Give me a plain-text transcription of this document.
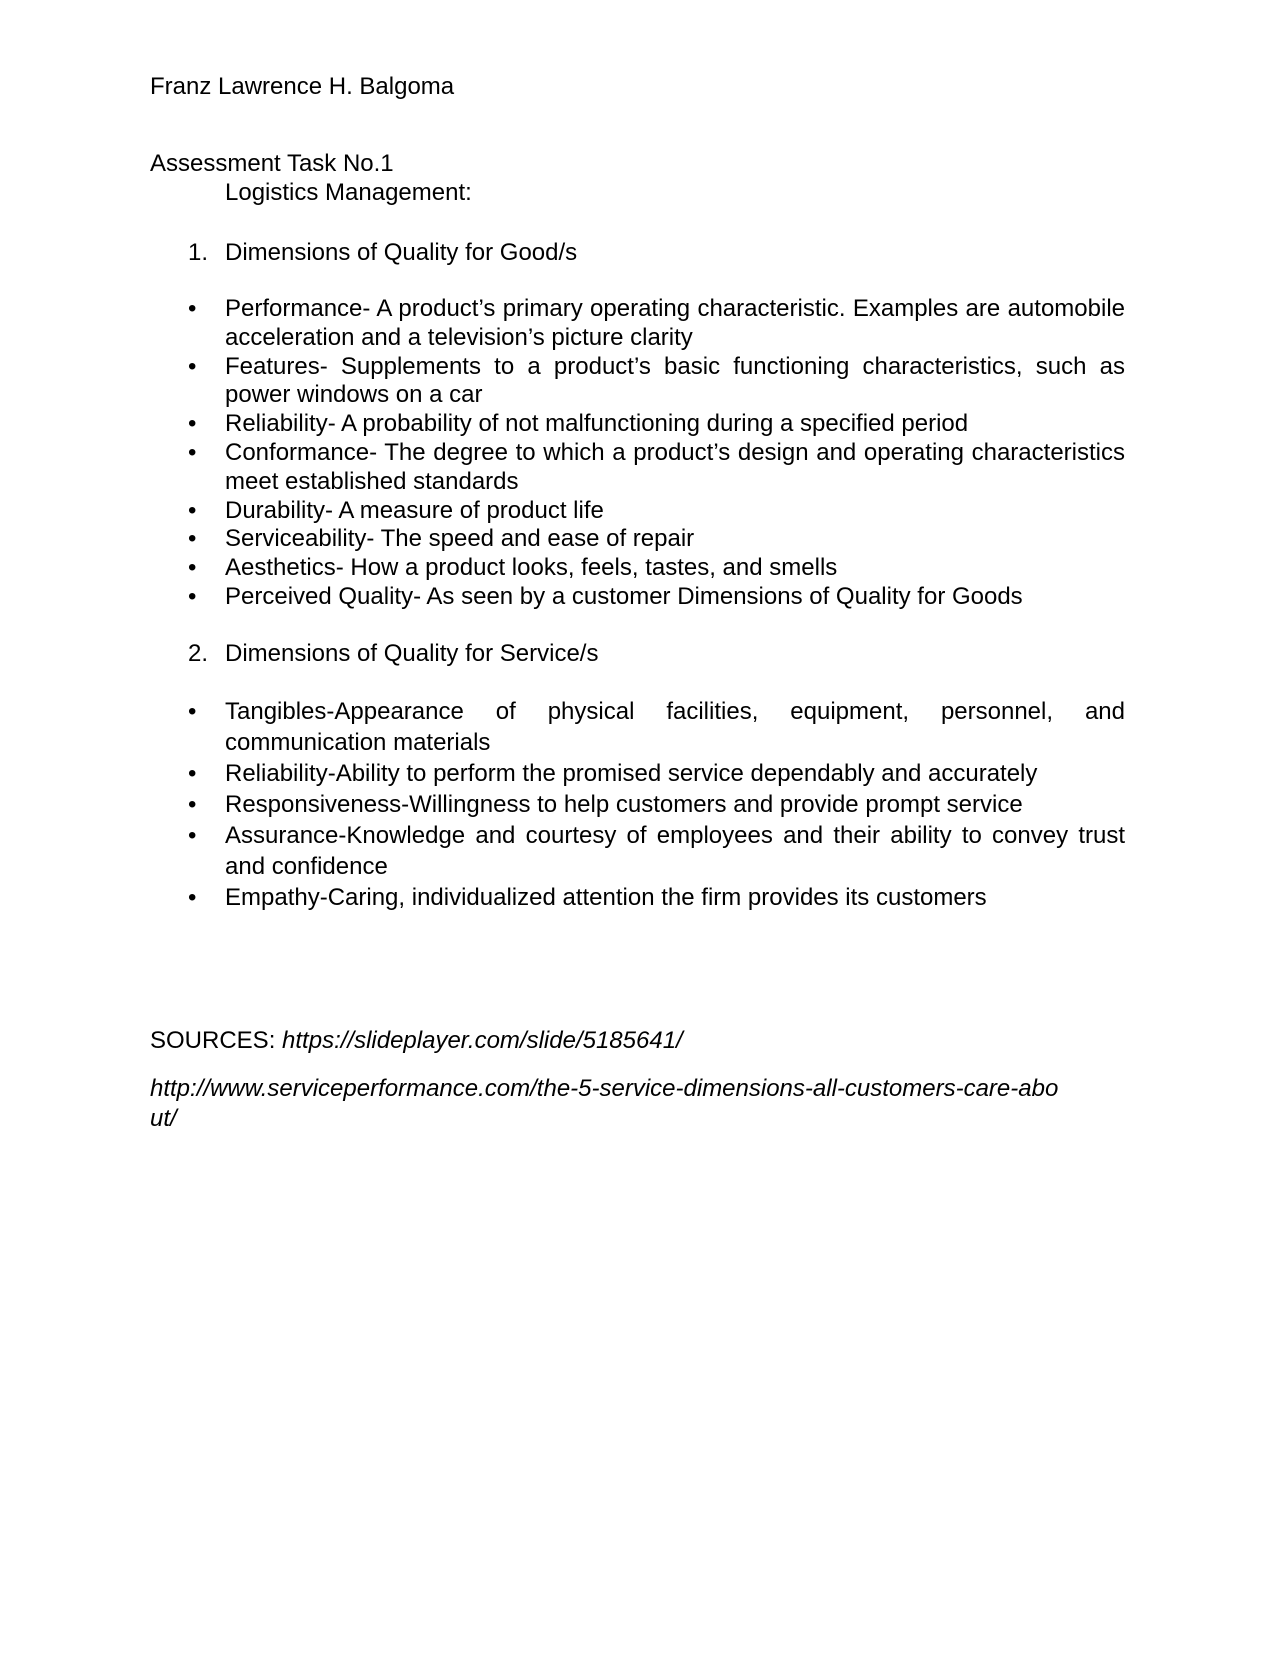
Franz Lawrence H. Balgoma
Assessment Task No.1
Logistics Management:
1. Dimensions of Quality for Good/s
• Performance- A product’s primary operating characteristic. Examples are automobile acceleration and a television’s picture clarity
• Features- Supplements to a product’s basic functioning characteristics, such as power windows on a car
• Reliability- A probability of not malfunctioning during a specified period
• Conformance- The degree to which a product’s design and operating characteristics meet established standards
• Durability- A measure of product life
• Serviceability- The speed and ease of repair
• Aesthetics- How a product looks, feels, tastes, and smells
• Perceived Quality- As seen by a customer Dimensions of Quality for Goods
2. Dimensions of Quality for Service/s
• Tangibles-Appearance of physical facilities, equipment, personnel, and communication materials
• Reliability-Ability to perform the promised service dependably and accurately
• Responsiveness-Willingness to help customers and provide prompt service
• Assurance-Knowledge and courtesy of employees and their ability to convey trust and confidence
• Empathy-Caring, individualized attention the firm provides its customers
SOURCES: https://slideplayer.com/slide/5185641/
http://www.serviceperformance.com/the-5-service-dimensions-all-customers-care-about/
